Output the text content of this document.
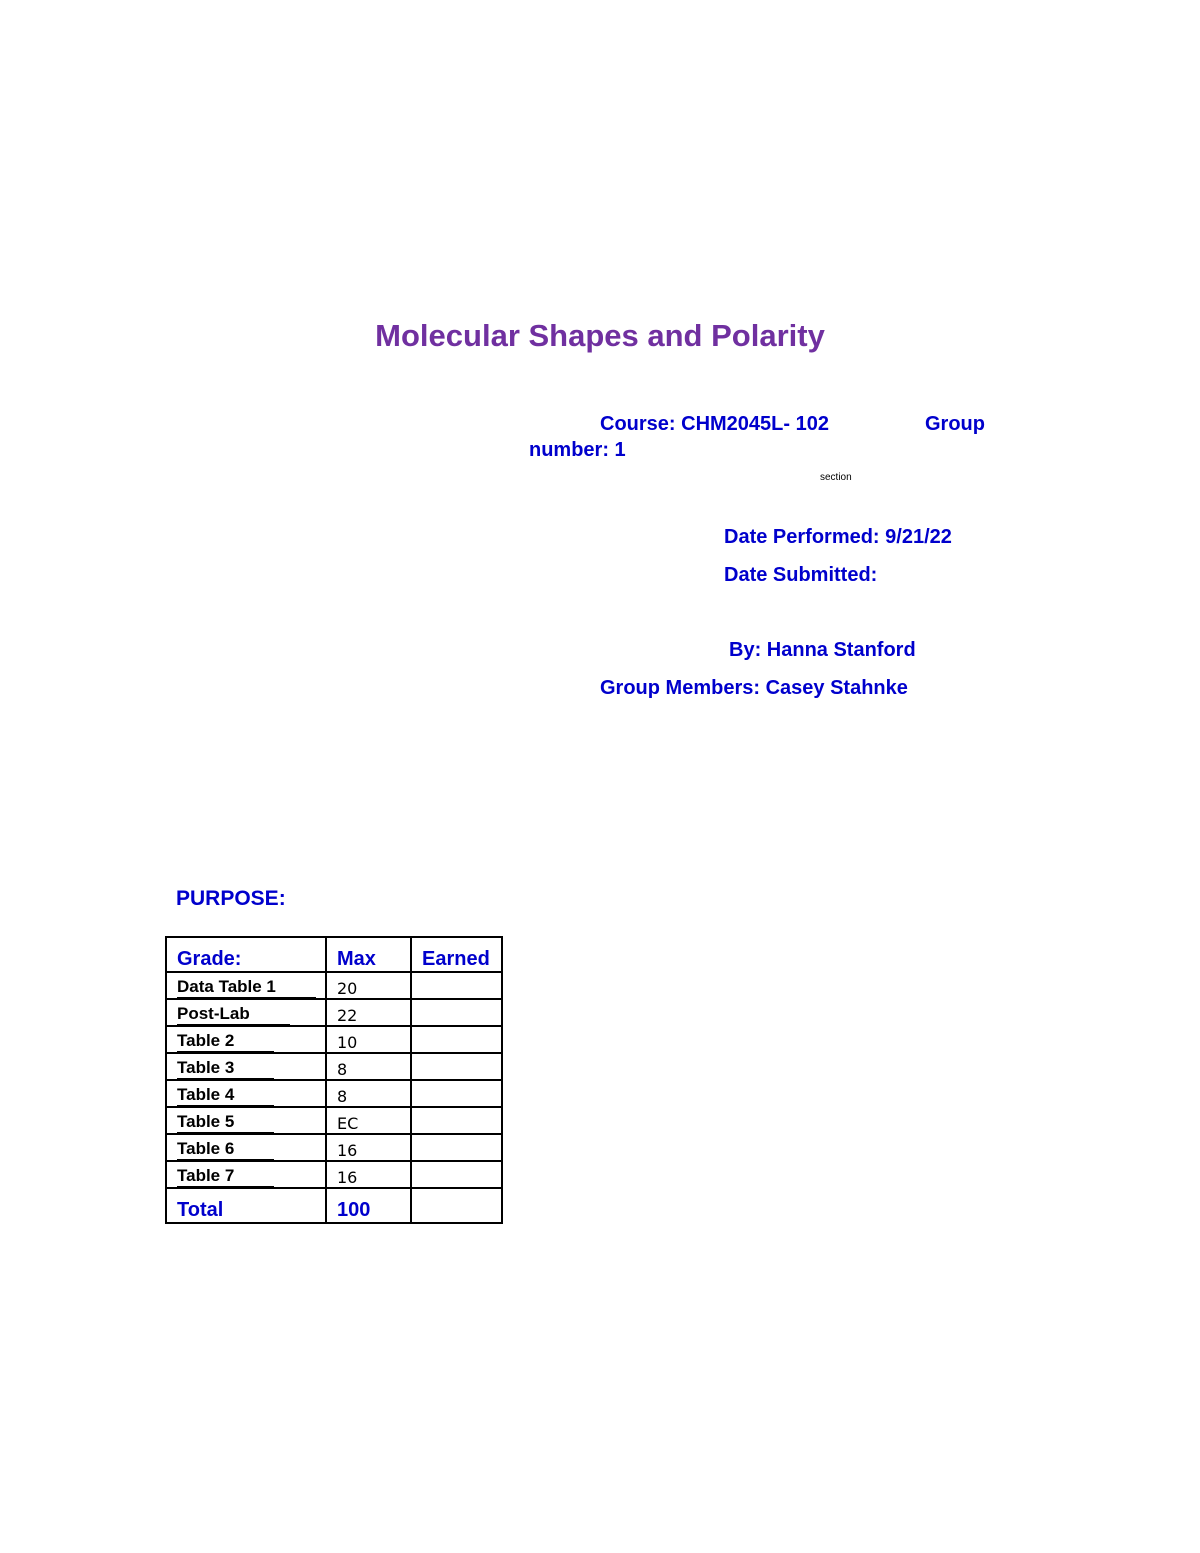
Molecular Shapes and Polarity
Course: CHM2045L- 102	Group
number: 1
section
Date Performed: 9/21/22
Date Submitted:
By: Hanna Stanford
Group Members: Casey Stahnke
PURPOSE:
Grade:	Max	Earned
Data Table 1	20	
Post-Lab	22	
Table 2	10	
Table 3	8	
Table 4	8	
Table 5	EC	
Table 6	16	
Table 7	16	
Total	100	
